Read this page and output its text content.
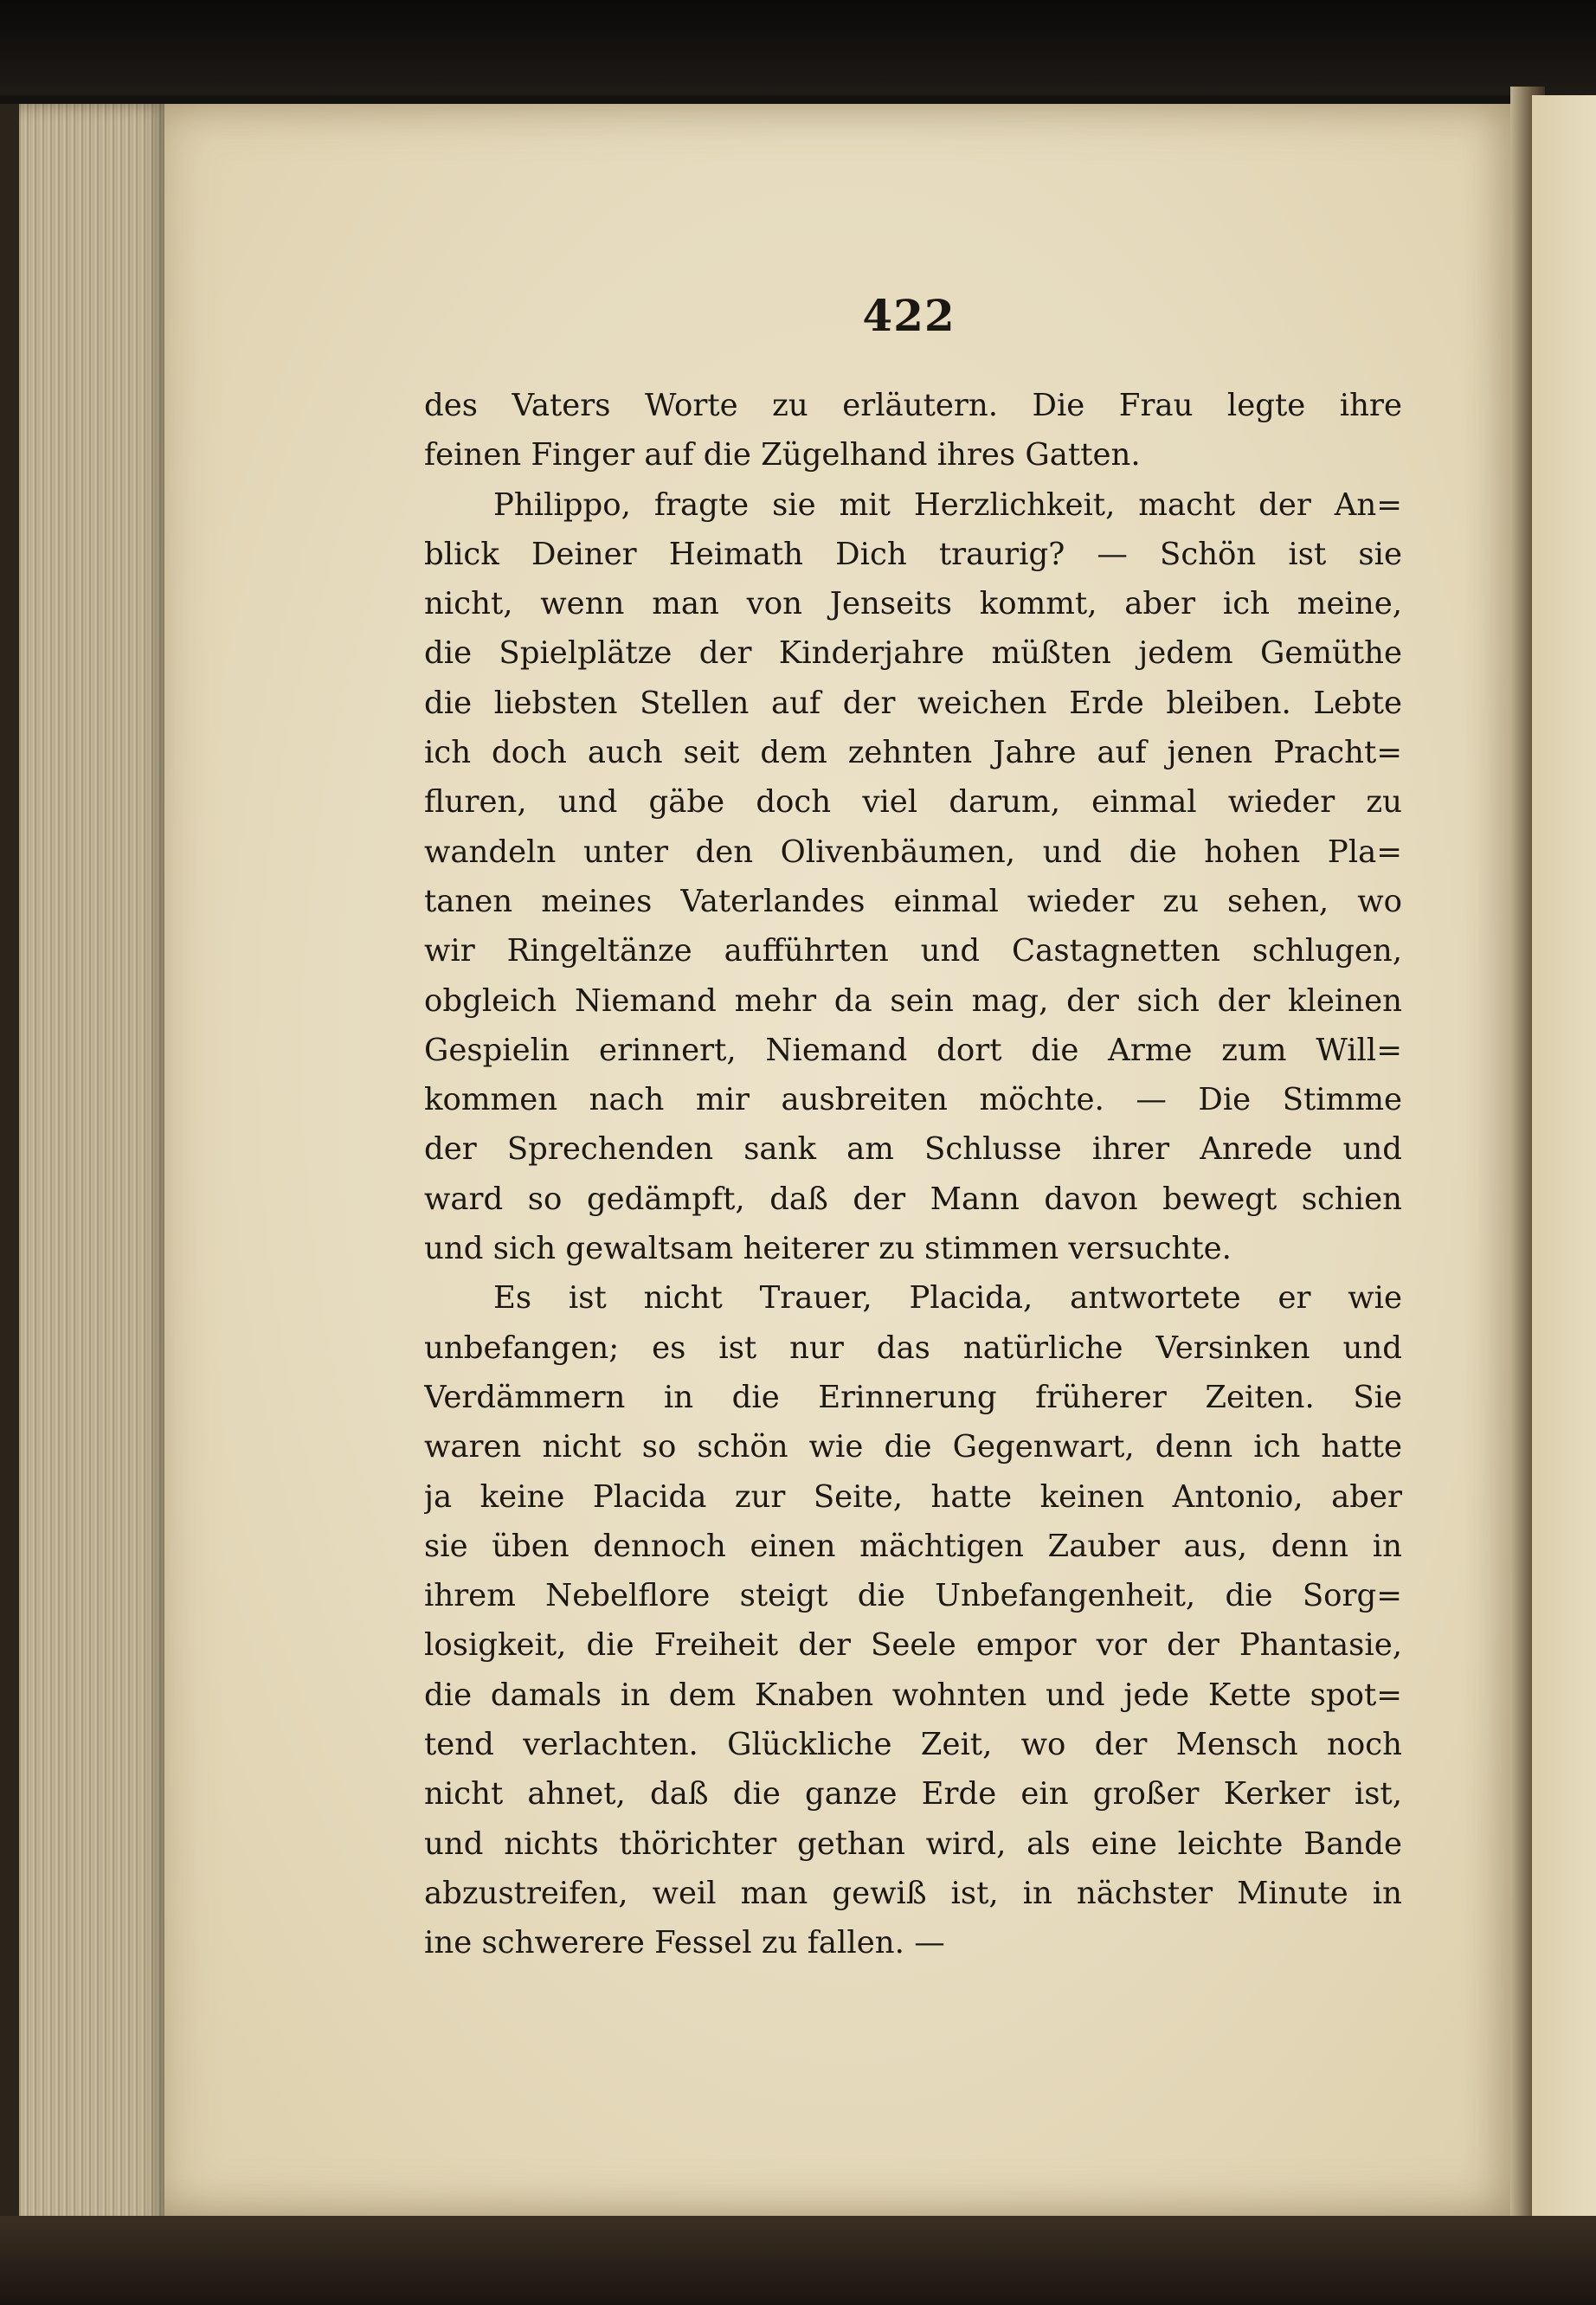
422
des Vaters Worte zu erläutern. Die Frau legte ihre
feinen Finger auf die Zügelhand ihres Gatten.
Philippo, fragte sie mit Herzlichkeit, macht der An=
blick Deiner Heimath Dich traurig? — Schön ist sie
nicht, wenn man von Jenseits kommt, aber ich meine,
die Spielplätze der Kinderjahre müßten jedem Gemüthe
die liebsten Stellen auf der weichen Erde bleiben. Lebte
ich doch auch seit dem zehnten Jahre auf jenen Pracht=
fluren, und gäbe doch viel darum, einmal wieder zu
wandeln unter den Olivenbäumen, und die hohen Pla=
tanen meines Vaterlandes einmal wieder zu sehen, wo
wir Ringeltänze aufführten und Castagnetten schlugen,
obgleich Niemand mehr da sein mag, der sich der kleinen
Gespielin erinnert, Niemand dort die Arme zum Will=
kommen nach mir ausbreiten möchte. — Die Stimme
der Sprechenden sank am Schlusse ihrer Anrede und
ward so gedämpft, daß der Mann davon bewegt schien
und sich gewaltsam heiterer zu stimmen versuchte.
Es ist nicht Trauer, Placida, antwortete er wie
unbefangen; es ist nur das natürliche Versinken und
Verdämmern in die Erinnerung früherer Zeiten. Sie
waren nicht so schön wie die Gegenwart, denn ich hatte
ja keine Placida zur Seite, hatte keinen Antonio, aber
sie üben dennoch einen mächtigen Zauber aus, denn in
ihrem Nebelflore steigt die Unbefangenheit, die Sorg=
losigkeit, die Freiheit der Seele empor vor der Phantasie,
die damals in dem Knaben wohnten und jede Kette spot=
tend verlachten. Glückliche Zeit, wo der Mensch noch
nicht ahnet, daß die ganze Erde ein großer Kerker ist,
und nichts thörichter gethan wird, als eine leichte Bande
abzustreifen, weil man gewiß ist, in nächster Minute in
ine schwerere Fessel zu fallen. —
